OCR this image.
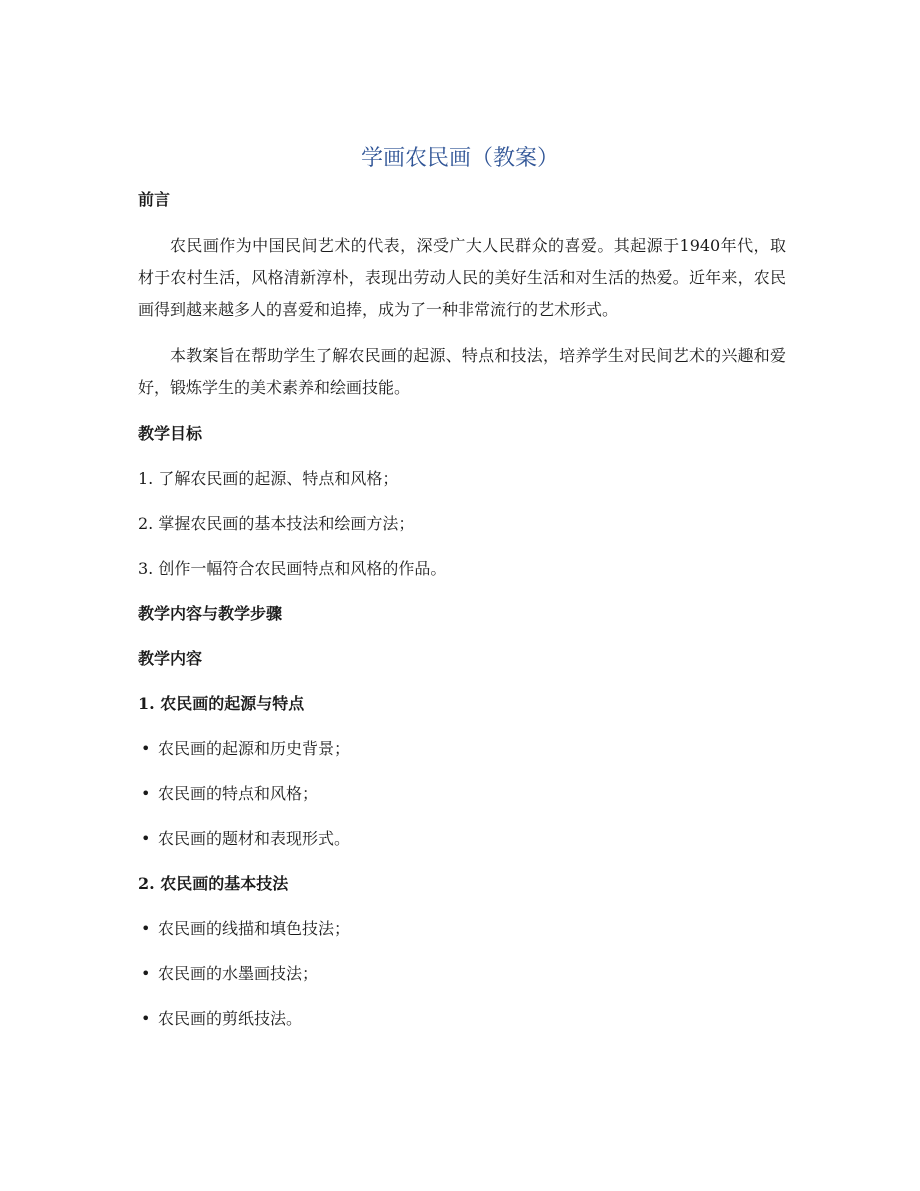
学画农民画（教案）

前言

农民画作为中国民间艺术的代表，深受广大人民群众的喜爱。其起源于1940年代，取材于农村生活，风格清新淳朴，表现出劳动人民的美好生活和对生活的热爱。近年来，农民画得到越来越多人的喜爱和追捧，成为了一种非常流行的艺术形式。

本教案旨在帮助学生了解农民画的起源、特点和技法，培养学生对民间艺术的兴趣和爱好，锻炼学生的美术素养和绘画技能。

教学目标

1. 了解农民画的起源、特点和风格；

2. 掌握农民画的基本技法和绘画方法；

3. 创作一幅符合农民画特点和风格的作品。

教学内容与教学步骤

教学内容

1. 农民画的起源与特点

• 农民画的起源和历史背景；

• 农民画的特点和风格；

• 农民画的题材和表现形式。

2. 农民画的基本技法

• 农民画的线描和填色技法；

• 农民画的水墨画技法；

• 农民画的剪纸技法。
